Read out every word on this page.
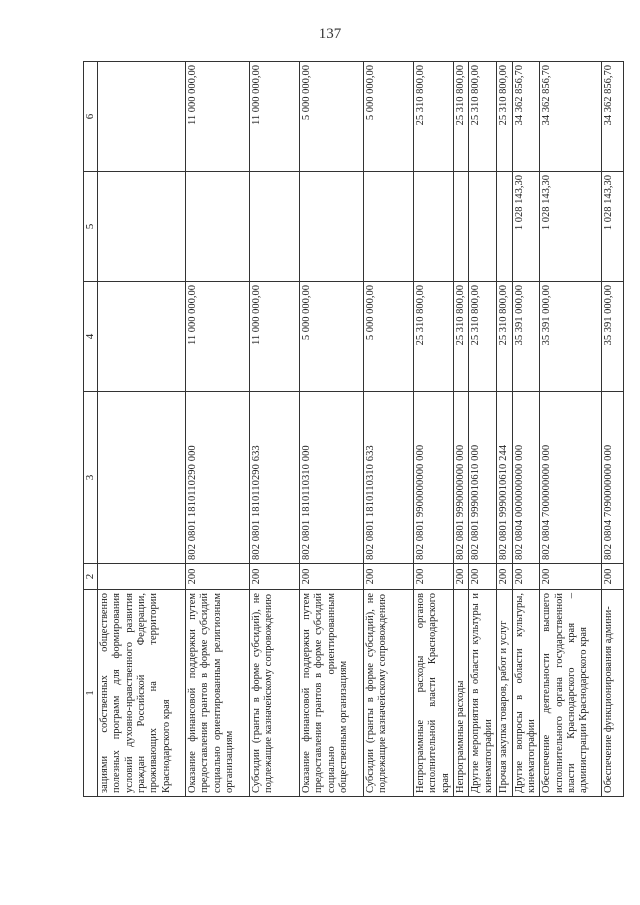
137
1	2	3	4	5	6
зациями собственных общественно полезных программ для формирования условий духовно-нравственного развития граждан Российской Федерации, проживающих на территории Краснодарского края					
Оказание финансовой поддержки путем предоставления грантов в форме субсидий социально ориентированным религиозным организациям	200	802 0801 1810110290 000	11 000 000,00		11 000 000,00
Субсидии (гранты в форме субсидий), не подлежащие казначейскому сопровождению	200	802 0801 1810110290 633	11 000 000,00		11 000 000,00
Оказание финансовой поддержки путем предоставления грантов в форме субсидий социально ориентированным общественным организациям	200	802 0801 1810110310 000	5 000 000,00		5 000 000,00
Субсидии (гранты в форме субсидий), не подлежащие казначейскому сопровождению	200	802 0801 1810110310 633	5 000 000,00		5 000 000,00
Непрограммные расходы органов исполнительной власти Краснодарского края	200	802 0801 9900000000 000	25 310 800,00		25 310 800,00
Непрограммные расходы	200	802 0801 9990000000 000	25 310 800,00		25 310 800,00
Другие мероприятия в области культуры и кинематографии	200	802 0801 9990010610 000	25 310 800,00		25 310 800,00
Прочая закупка товаров, работ и услуг	200	802 0801 9990010610 244	25 310 800,00		25 310 800,00
Другие вопросы в области культуры, кинематографии	200	802 0804 0000000000 000	35 391 000,00	1 028 143,30	34 362 856,70
Обеспечение деятельности высшего исполнительного органа государственной власти Краснодарского края – администрации Краснодарского края	200	802 0804 7000000000 000	35 391 000,00	1 028 143,30	34 362 856,70
Обеспечение функционирования админи-	200	802 0804 7090000000 000	35 391 000,00	1 028 143,30	34 362 856,70
